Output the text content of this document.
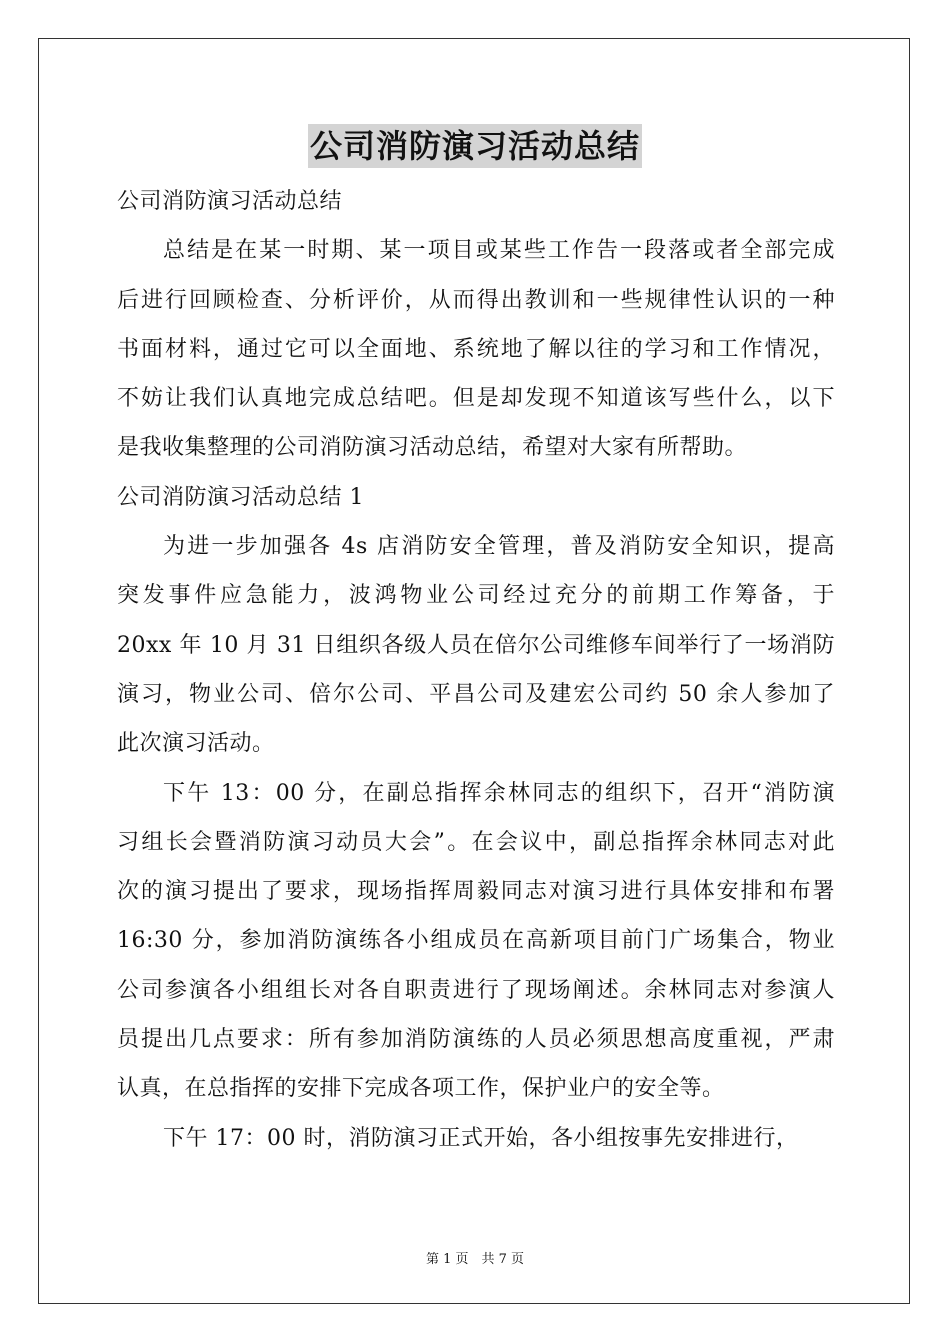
公司消防演习活动总结
公司消防演习活动总结
总结是在某一时期、某一项目或某些工作告一段落或者全部完成
后进行回顾检查、分析评价，从而得出教训和一些规律性认识的一种
书面材料，通过它可以全面地、系统地了解以往的学习和工作情况，
不妨让我们认真地完成总结吧。但是却发现不知道该写些什么，以下
是我收集整理的公司消防演习活动总结，希望对大家有所帮助。
公司消防演习活动总结 1
为进一步加强各 4s 店消防安全管理，普及消防安全知识，提高
突发事件应急能力，波鸿物业公司经过充分的前期工作筹备，于
20xx 年 10 月 31 日组织各级人员在倍尔公司维修车间举行了一场消防
演习，物业公司、倍尔公司、平昌公司及建宏公司约 50 余人参加了
此次演习活动。
下午 13：00 分，在副总指挥余林同志的组织下，召开“消防演
习组长会暨消防演习动员大会”。在会议中，副总指挥余林同志对此
次的演习提出了要求，现场指挥周毅同志对演习进行具体安排和布署
16:30 分，参加消防演练各小组成员在高新项目前门广场集合，物业
公司参演各小组组长对各自职责进行了现场阐述。余林同志对参演人
员提出几点要求：所有参加消防演练的人员必须思想高度重视，严肃
认真，在总指挥的安排下完成各项工作，保护业户的安全等。
下午 17：00 时，消防演习正式开始，各小组按事先安排进行，
第 1 页　共 7 页
